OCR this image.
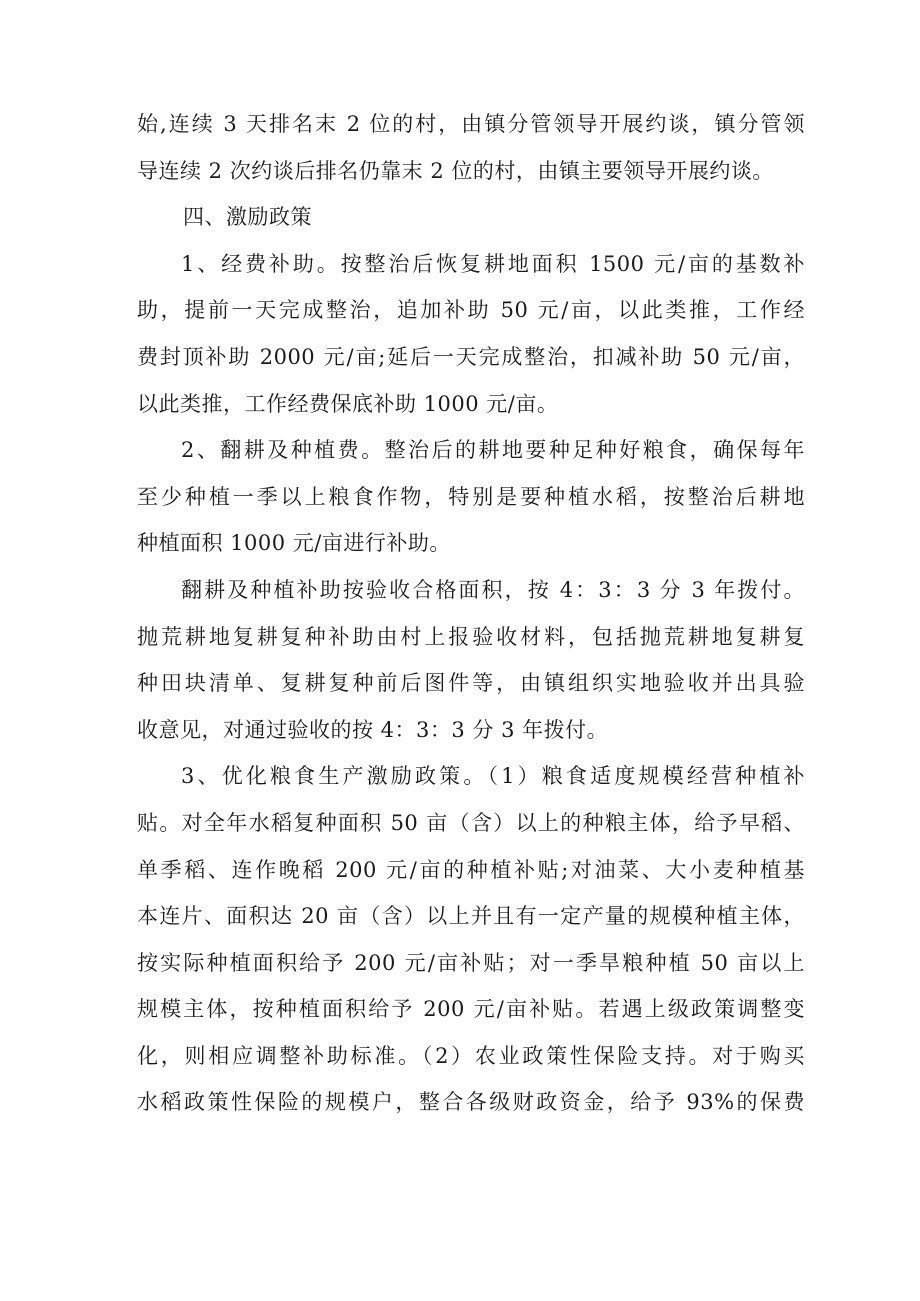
始,连续 3 天排名末 2 位的村，由镇分管领导开展约谈，镇分管领
导连续 2 次约谈后排名仍靠末 2 位的村，由镇主要领导开展约谈。
四、激励政策
1、经费补助。按整治后恢复耕地面积 1500 元/亩的基数补
助，提前一天完成整治，追加补助 50 元/亩，以此类推，工作经
费封顶补助 2000 元/亩;延后一天完成整治，扣减补助 50 元/亩，
以此类推，工作经费保底补助 1000 元/亩。
2、翻耕及种植费。整治后的耕地要种足种好粮食，确保每年
至少种植一季以上粮食作物，特别是要种植水稻，按整治后耕地
种植面积 1000 元/亩进行补助。
翻耕及种植补助按验收合格面积，按 4：3：3 分 3 年拨付。
抛荒耕地复耕复种补助由村上报验收材料，包括抛荒耕地复耕复
种田块清单、复耕复种前后图件等，由镇组织实地验收并出具验
收意见，对通过验收的按 4：3：3 分 3 年拨付。
3、优化粮食生产激励政策。（1）粮食适度规模经营种植补
贴。对全年水稻复种面积 50 亩（含）以上的种粮主体，给予早稻、
单季稻、连作晚稻 200 元/亩的种植补贴;对油菜、大小麦种植基
本连片、面积达 20 亩（含）以上并且有一定产量的规模种植主体，
按实际种植面积给予 200 元/亩补贴；对一季旱粮种植 50 亩以上
规模主体，按种植面积给予 200 元/亩补贴。若遇上级政策调整变
化，则相应调整补助标准。（2）农业政策性保险支持。对于购买
水稻政策性保险的规模户，整合各级财政资金，给予 93%的保费
